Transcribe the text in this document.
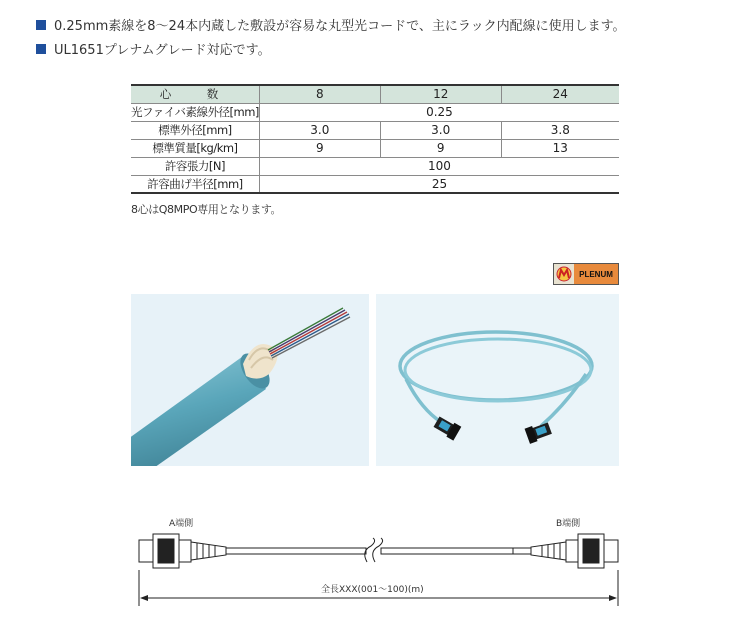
0.25mm素線を8〜24本内蔵した敷設が容易な丸型光コードで、主にラック内配線に使用します。
UL1651プレナムグレード対応です。
心　数	8	12	24
光ファイバ素線外径[mm]	0.25		
標準外径[mm]	3.0	3.0	3.8
標準質量[kg/km]	9	9	13
許容張力[N]	100		
許容曲げ半径[mm]	25		
8心はQ8MPO専用となります。
PLENUM
A端側	B端側
全長XXX(001〜100)(m)
